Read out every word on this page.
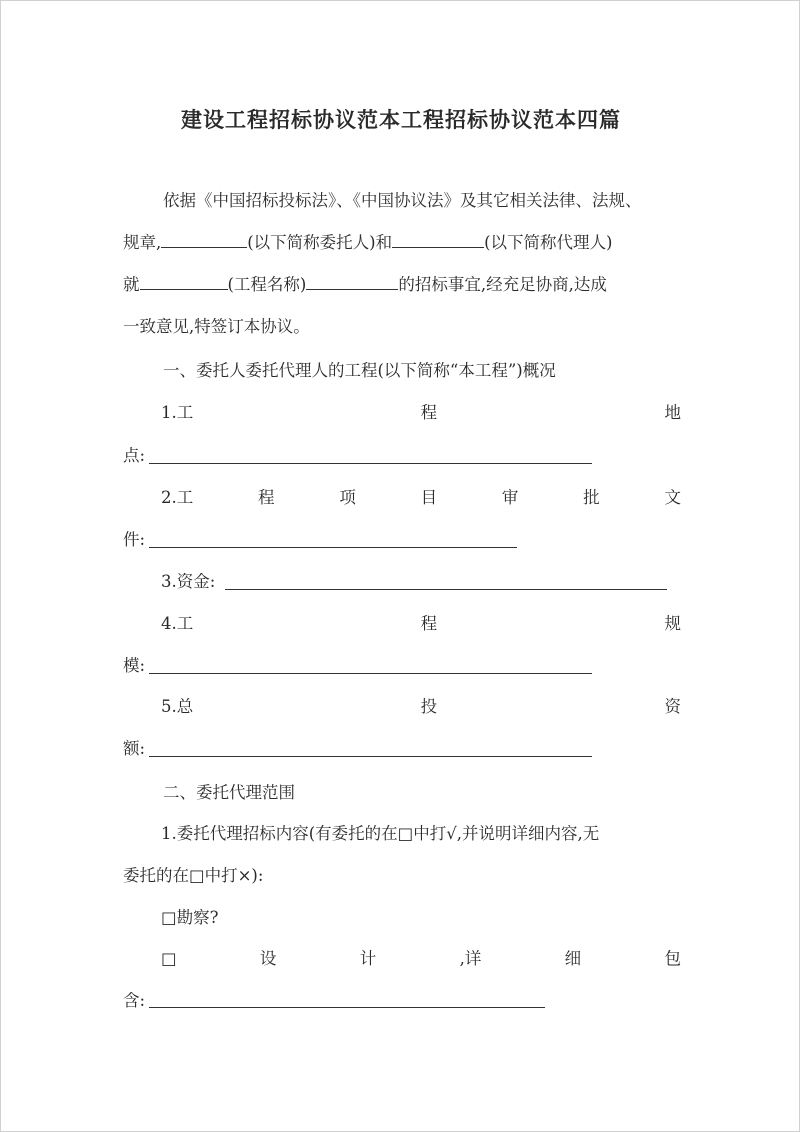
建设工程招标协议范本工程招标协议范本四篇
依据《中国招标投标法》、《中国协议法》及其它相关法律、法规、
规章,	(以下简称委托人)和	(以下简称代理人)
就	(工程名称)	的招标事宜,经充足协商,达成
一致意见,特签订本协议。
一、委托人委托代理人的工程(以下简称“本工程”)概况
1.工	程	地
点:
2.工	程	项	目	审	批	文
件:
3.资金:
4.工	程	规
模:
5.总	投	资
额:
二、委托代理范围
1.委托代理招标内容(有委托的在□中打√,并说明详细内容,无
委托的在□中打×):
□勘察?
□	设	计	,详	细	包
含:
